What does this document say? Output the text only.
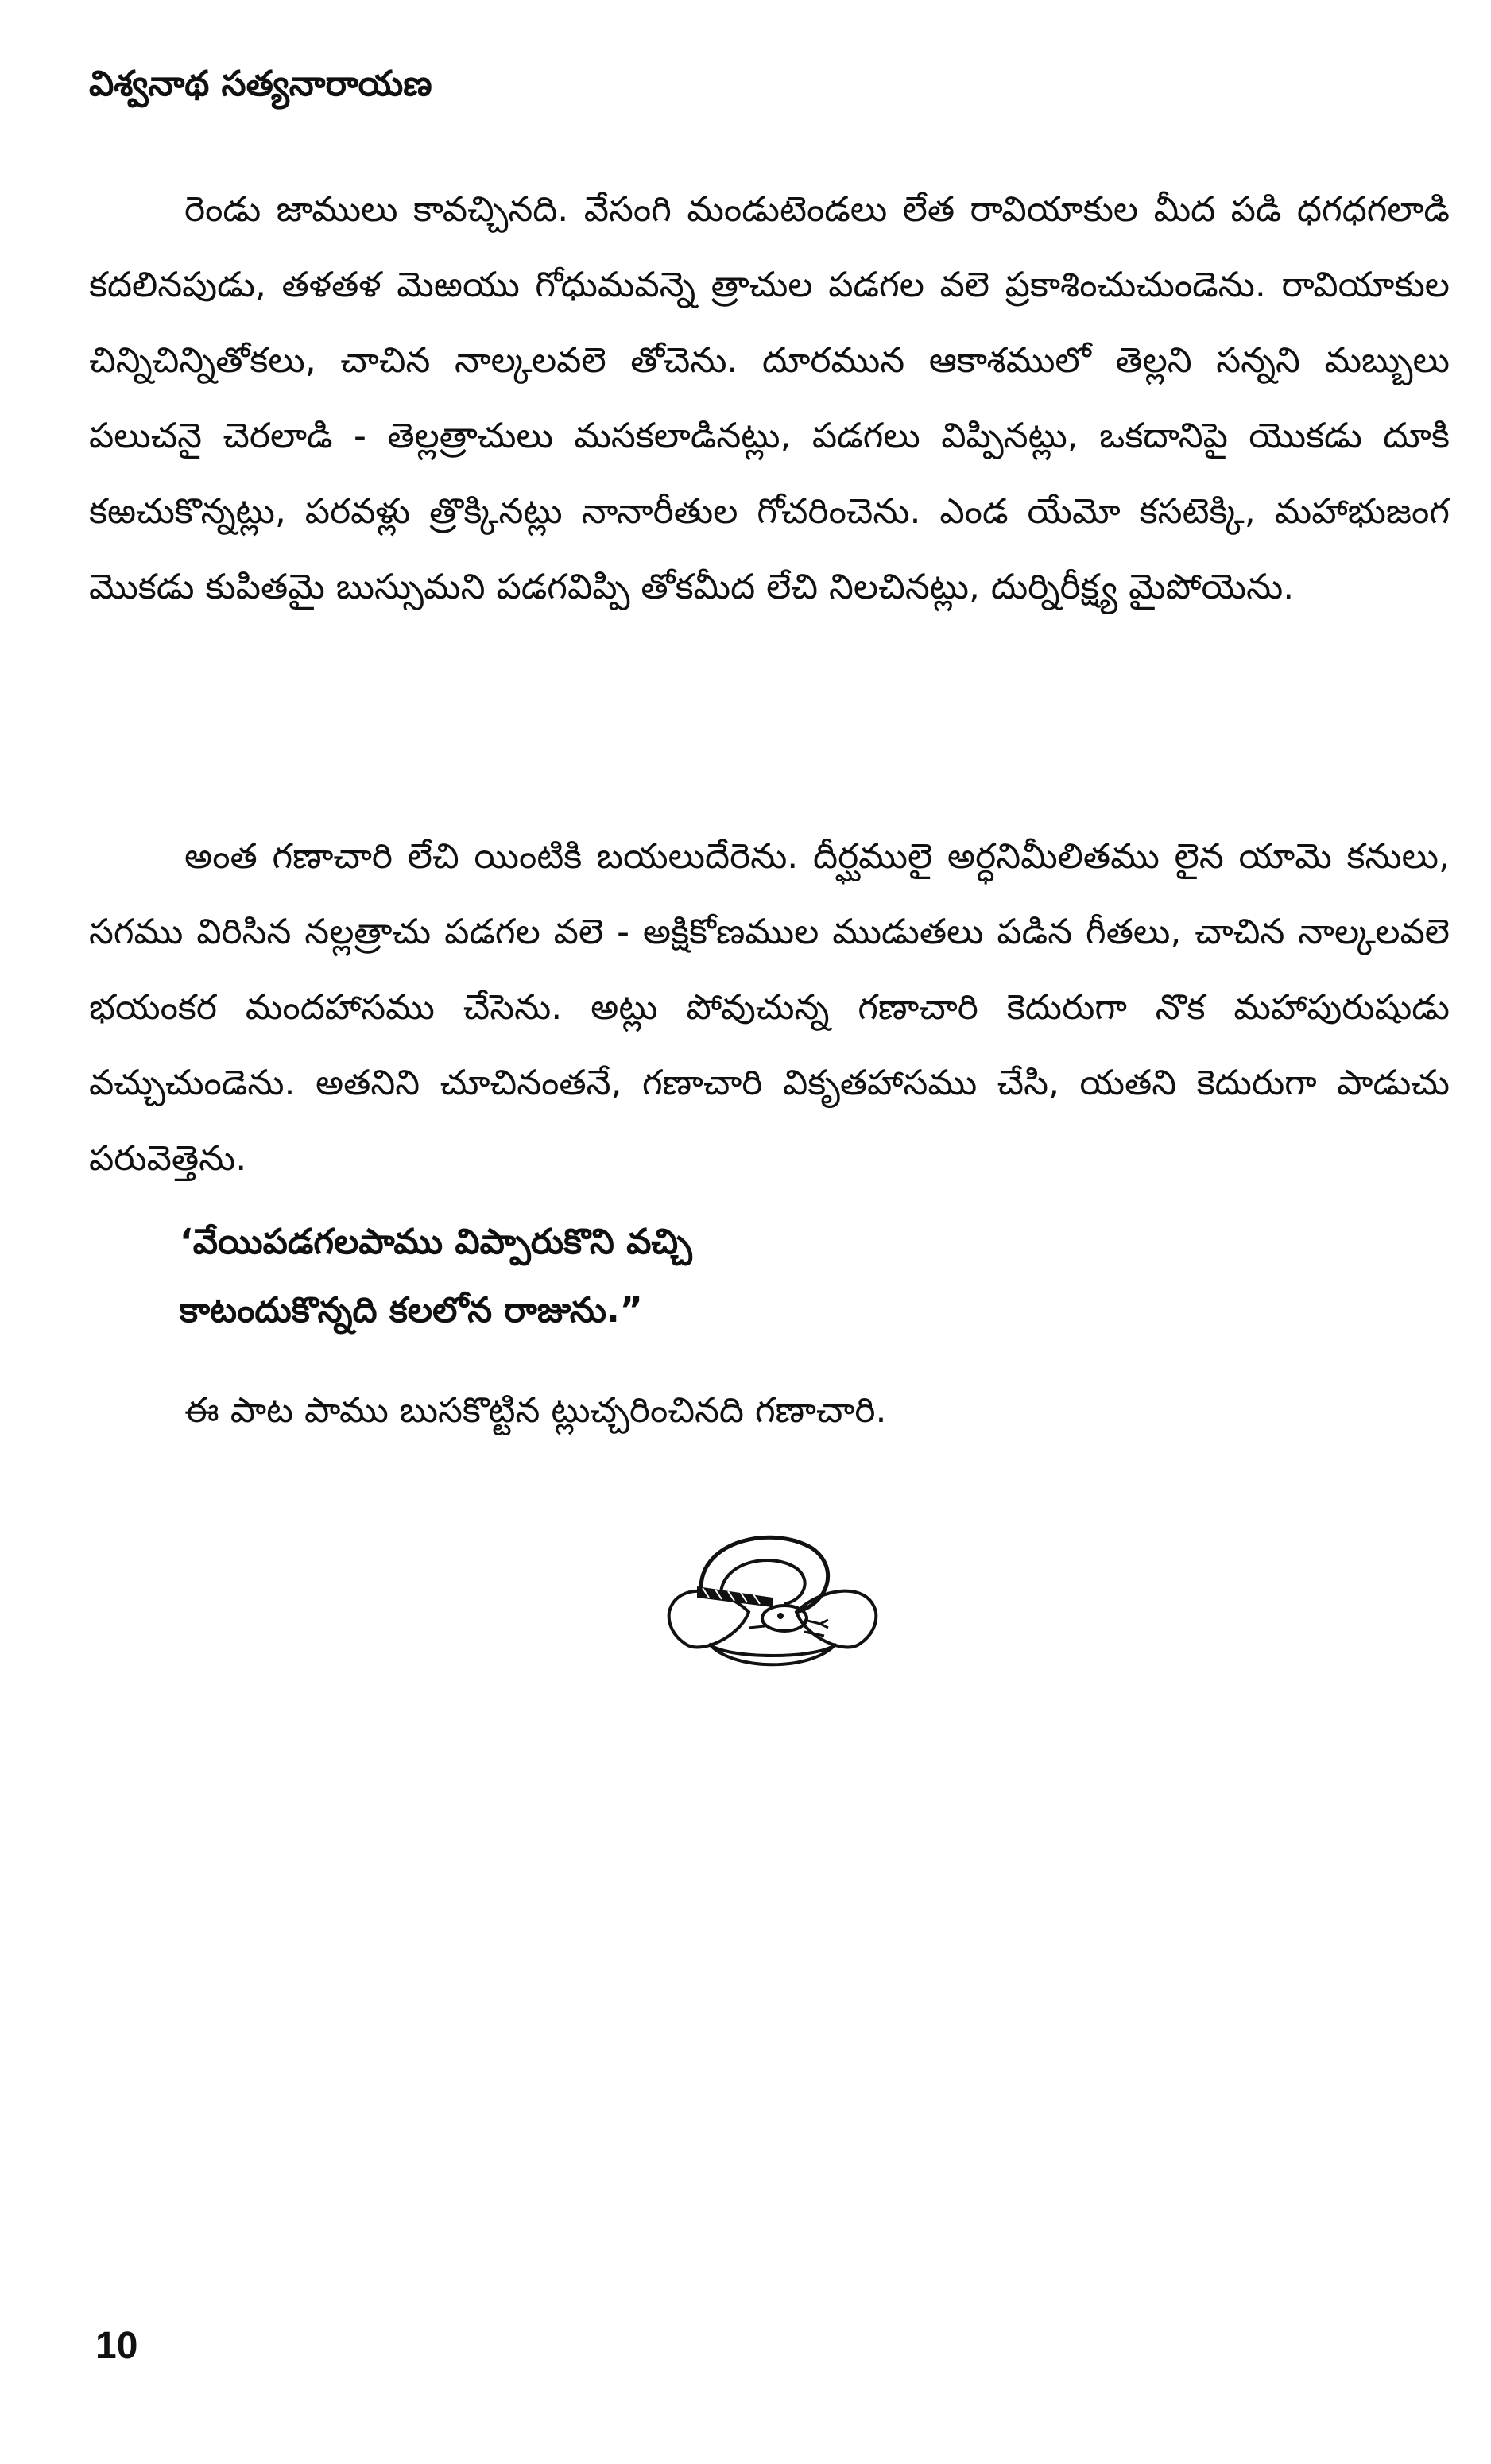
విశ్వనాథ సత్యనారాయణ

రెండు జాములు కావచ్చినది. వేసంగి మండుటెండలు లేత రావియాకుల మీద పడి ధగధగలాడి కదలినపుడు, తళతళ మెఱయు గోధుమవన్నె త్రాచుల పడగల వలె ప్రకాశించుచుండెను. రావియాకుల చిన్నిచిన్నితోకలు, చాచిన నాల్కలవలె తోచెను. దూరమున ఆకాశములో తెల్లని సన్నని మబ్బులు పలుచనై చెరలాడి - తెల్లత్రాచులు మసకలాడినట్లు, పడగలు విప్పినట్లు, ఒకదానిపై యొకడు దూకి కఱచుకొన్నట్లు, పరవళ్లు త్రొక్కినట్లు నానారీతుల గోచరించెను. ఎండ యేమో కసటెక్కి, మహాభుజంగ మొకడు కుపితమై బుస్సుమని పడగవిప్పి తోకమీద లేచి నిలచినట్లు, దుర్నిరీక్ష్య మైపోయెను.

అంత గణాచారి లేచి యింటికి బయలుదేరెను. దీర్ఘములై అర్ధనిమీలితము లైన యామె కనులు, సగము విరిసిన నల్లత్రాచు పడగల వలె - అక్షికోణముల ముడుతలు పడిన గీతలు, చాచిన నాల్కలవలె భయంకర మందహాసము చేసెను. అట్లు పోవుచున్న గణాచారి కెదురుగా నొక మహాపురుషుడు వచ్చుచుండెను. అతనిని చూచినంతనే, గణాచారి వికృతహాసము చేసి, యతని కెదురుగా పాడుచు పరువెత్తెను.

‘వేయిపడగలపాము విప్పారుకొని వచ్చి
కాటందుకొన్నది కలలోన రాజును.”

ఈ పాట పాము బుసకొట్టిన ట్లుచ్చరించినది గణాచారి.

10
